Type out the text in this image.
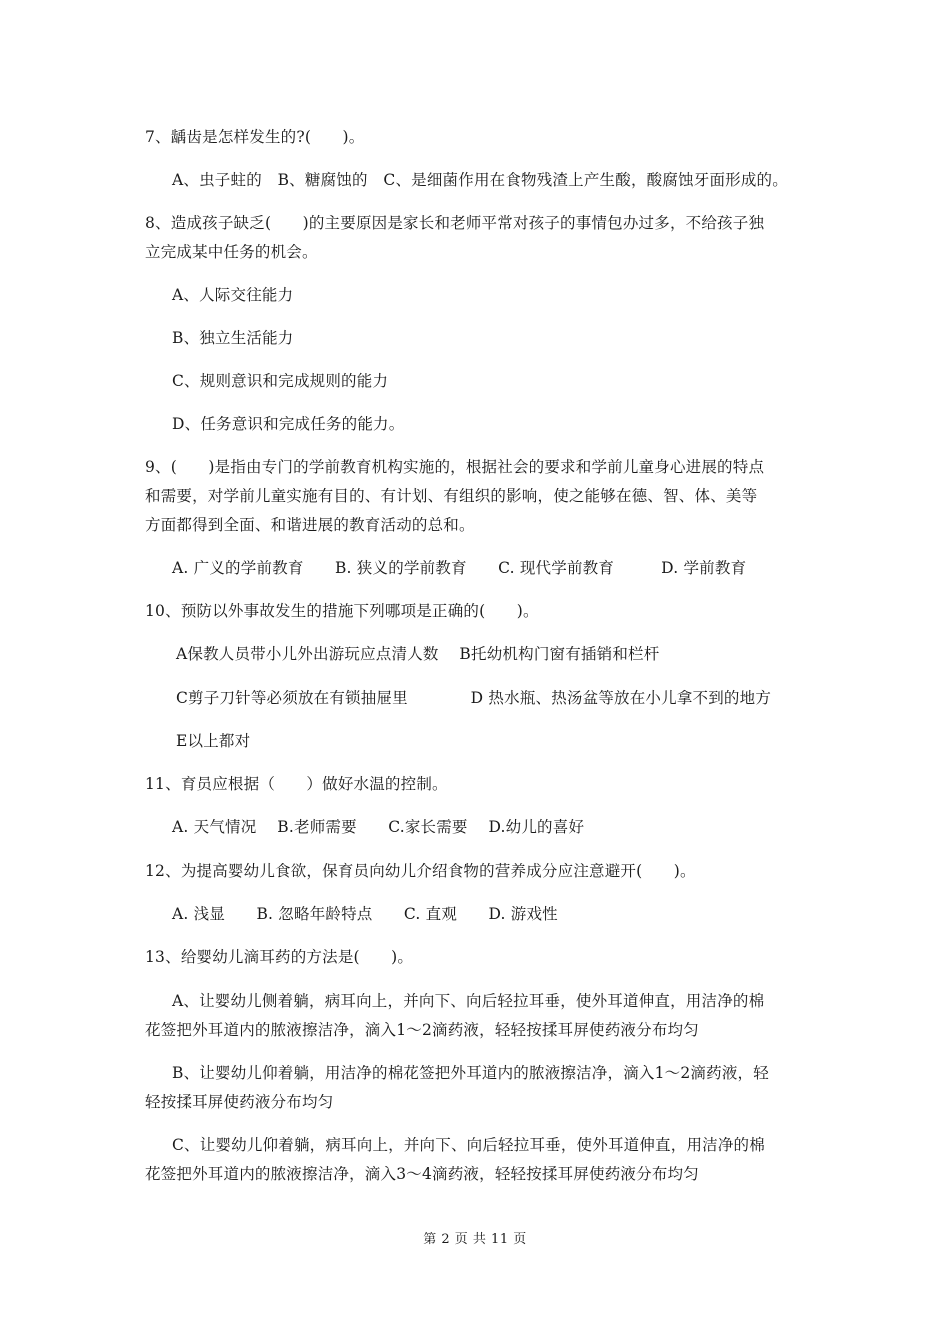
7、龋齿是怎样发生的?(　　)。
A、虫子蛀的　B、糖腐蚀的　C、是细菌作用在食物残渣上产生酸，酸腐蚀牙面形成的。
8、造成孩子缺乏(　　)的主要原因是家长和老师平常对孩子的事情包办过多，不给孩子独
立完成某中任务的机会。
A、人际交往能力
B、独立生活能力
C、规则意识和完成规则的能力
D、任务意识和完成任务的能力。
9、(　　)是指由专门的学前教育机构实施的，根据社会的要求和学前儿童身心进展的特点
和需要，对学前儿童实施有目的、有计划、有组织的影响，使之能够在德、智、体、美等
方面都得到全面、和谐进展的教育活动的总和。
A. 广义的学前教育　　B. 狭义的学前教育　　C. 现代学前教育　　　D. 学前教育
10、预防以外事故发生的措施下列哪项是正确的(　　)。
A保教人员带小儿外出游玩应点清人数　 B托幼机构门窗有插销和栏杆
C剪子刀针等必须放在有锁抽屉里　　　　D 热水瓶、热汤盆等放在小儿拿不到的地方
E以上都对
11、育员应根据（　　）做好水温的控制。
A. 天气情况　 B.老师需要　　C.家长需要　 D.幼儿的喜好
12、为提高婴幼儿食欲，保育员向幼儿介绍食物的营养成分应注意避开(　　)。
A. 浅显　　B. 忽略年龄特点　　C. 直观　　D. 游戏性
13、给婴幼儿滴耳药的方法是(　　)。
A、让婴幼儿侧着躺，病耳向上，并向下、向后轻拉耳垂，使外耳道伸直，用洁净的棉
花签把外耳道内的脓液擦洁净，滴入1～2滴药液，轻轻按揉耳屏使药液分布均匀
B、让婴幼儿仰着躺，用洁净的棉花签把外耳道内的脓液擦洁净，滴入1～2滴药液，轻
轻按揉耳屏使药液分布均匀
C、让婴幼儿仰着躺，病耳向上，并向下、向后轻拉耳垂，使外耳道伸直，用洁净的棉
花签把外耳道内的脓液擦洁净，滴入3～4滴药液，轻轻按揉耳屏使药液分布均匀
第 2 页 共 11 页
